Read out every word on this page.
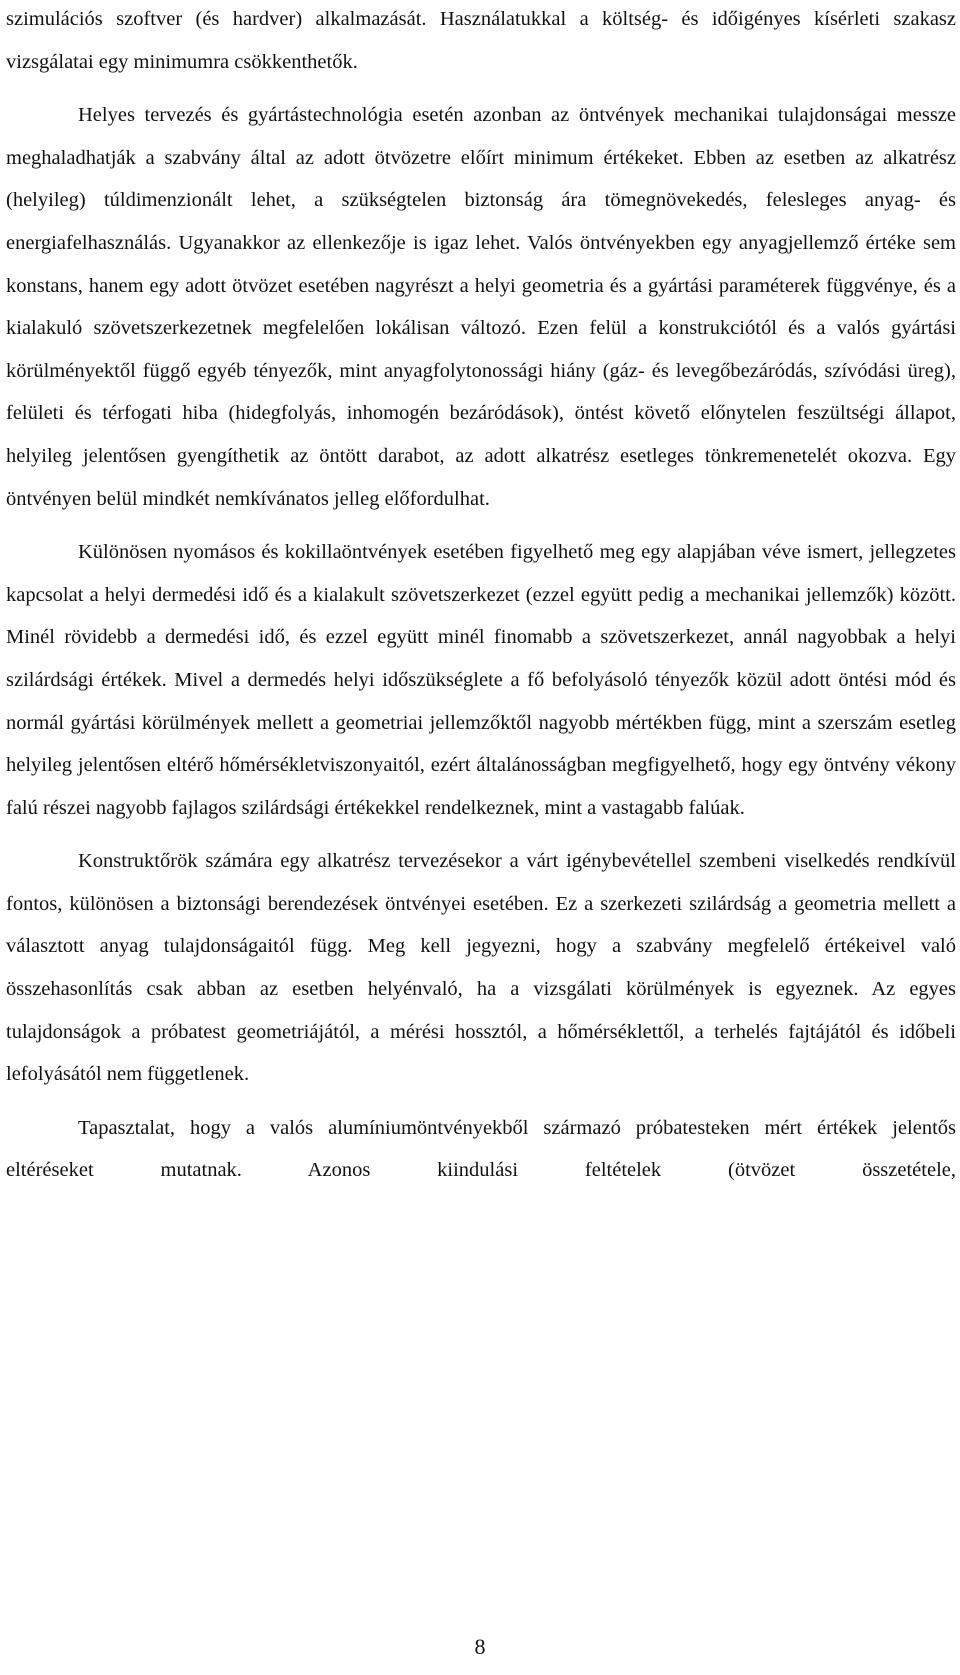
szimulációs szoftver (és hardver) alkalmazását. Használatukkal a költség- és időigényes kísérleti szakasz vizsgálatai egy minimumra csökkenthetők.

Helyes tervezés és gyártástechnológia esetén azonban az öntvények mechanikai tulajdonságai messze meghaladhatják a szabvány által az adott ötvözetre előírt minimum értékeket. Ebben az esetben az alkatrész (helyileg) túldimenzionált lehet, a szükségtelen biztonság ára tömegnövekedés, felesleges anyag- és energiafelhasználás. Ugyanakkor az ellenkezője is igaz lehet. Valós öntvényekben egy anyagjellemző értéke sem konstans, hanem egy adott ötvözet esetében nagyrészt a helyi geometria és a gyártási paraméterek függvénye, és a kialakuló szövetszerkezetnek megfelelően lokálisan változó. Ezen felül a konstrukciótól és a valós gyártási körülményektől függő egyéb tényezők, mint anyagfolytonossági hiány (gáz- és levegőbezáródás, szívódási üreg), felületi és térfogati hiba (hidegfolyás, inhomogén bezáródások), öntést követő előnytelen feszültségi állapot, helyileg jelentősen gyengíthetik az öntött darabot, az adott alkatrész esetleges tönkremenetelét okozva. Egy öntvényen belül mindkét nemkívánatos jelleg előfordulhat.

Különösen nyomásos és kokillaöntvények esetében figyelhető meg egy alapjában véve ismert, jellegzetes kapcsolat a helyi dermedési idő és a kialakult szövetszerkezet (ezzel együtt pedig a mechanikai jellemzők) között. Minél rövidebb a dermedési idő, és ezzel együtt minél finomabb a szövetszerkezet, annál nagyobbak a helyi szilárdsági értékek. Mivel a dermedés helyi időszükséglete a fő befolyásoló tényezők közül adott öntési mód és normál gyártási körülmények mellett a geometriai jellemzőktől nagyobb mértékben függ, mint a szerszám esetleg helyileg jelentősen eltérő hőmérsékletviszonyaitól, ezért általánosságban megfigyelhető, hogy egy öntvény vékony falú részei nagyobb fajlagos szilárdsági értékekkel rendelkeznek, mint a vastagabb falúak.

Konstruktőrök számára egy alkatrész tervezésekor a várt igénybevétellel szembeni viselkedés rendkívül fontos, különösen a biztonsági berendezések öntvényei esetében. Ez a szerkezeti szilárdság a geometria mellett a választott anyag tulajdonságaitól függ. Meg kell jegyezni, hogy a szabvány megfelelő értékeivel való összehasonlítás csak abban az esetben helyénvaló, ha a vizsgálati körülmények is egyeznek. Az egyes tulajdonságok a próbatest geometriájától, a mérési hossztól, a hőmérséklettől, a terhelés fajtájától és időbeli lefolyásától nem függetlenek.

Tapasztalat, hogy a valós alumíniumöntvényekből származó próbatesteken mért értékek jelentős eltéréseket mutatnak. Azonos kiindulási feltételek (ötvözet összetétele,

8
